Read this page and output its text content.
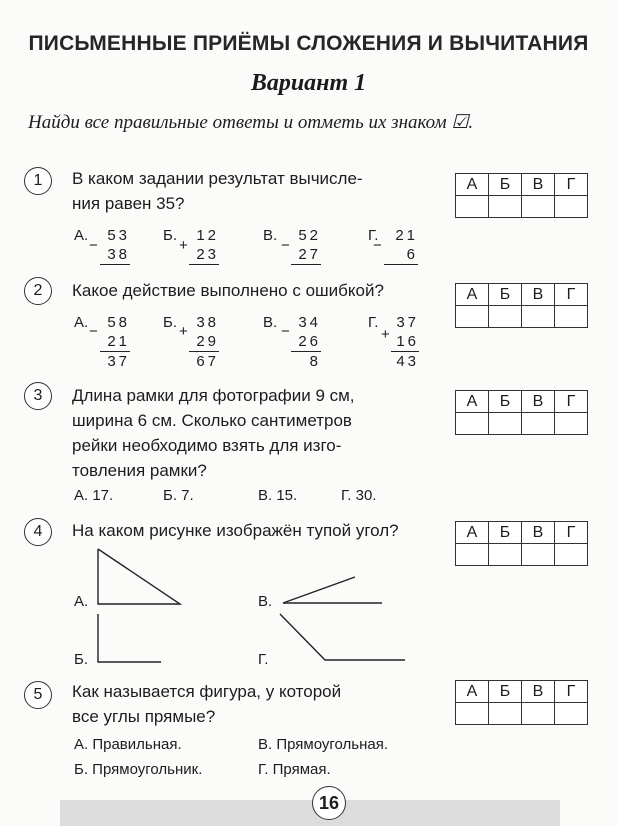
ПИСЬМЕННЫЕ ПРИЁМЫ СЛОЖЕНИЯ И ВЫЧИТАНИЯ
Вариант 1
Найди все правильные ответы и отметь их знаком ☑.
1	В каком задании результат вычисле-
ния равен 35?
А	Б	В	Г

А.
−
53
38
Б.
+
12
23
В.
−
52
27
Г.
−
21
6
2	Какое действие выполнено с ошибкой?	А	Б	В	Г

А.
−
58
21
37
Б.
+
38
29
67
В.
−
34
26
8
Г.
+
37
16
43
3	Длина рамки для фотографии 9 см,
ширина 6 см. Сколько сантиметров
рейки необходимо взять для изго-
товления рамки?
А	Б	В	Г

А. 17.	Б. 7.	В. 15.	Г. 30.
4	На каком рисунке изображён тупой угол?	А	Б	В	Г

А.
Б.
В.
Г.
5	Как называется фигура, у которой
все углы прямые?
А	Б	В	Г

А. Правильная.	В. Прямоугольная.
Б. Прямоугольник.	Г. Прямая.
16
